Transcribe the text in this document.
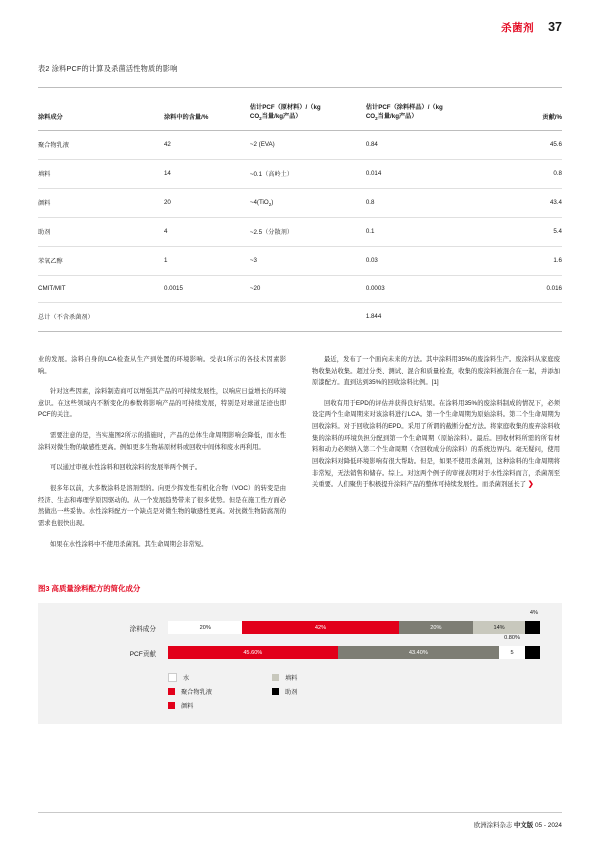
杀菌剂 37
表2 涂料PCF的计算及杀菌活性物质的影响
涂料成分	涂料中的含量/%	估计PCF（原材料）/（kg
$CO_2$当量/kg产品）	估计PCF（涂料样品）/（kg
$CO_2$当量/kg产品）	贡献/%
聚合物乳液	42	~2 (EVA)	0.84	45.6
填料	14	~0.1（高岭土）	0.014	0.8
颜料	20	~4(TiO$_2$)	0.8	43.4
助剂	4	~2.5（分散剂）	0.1	5.4
苯氧乙醇	1	~3	0.03	1.6
CMIT/MIT	0.0015	~20	0.0003	0.016
总计（不含杀菌剂）			1.844	

业的发展。涂料自身的LCA检查从生产到处置的环境影响。受表1所示的各技术因素影响。

针对这些因素，涂料制造商可以增强其产品的可持续发展性，以响应日益增长的环境意识。在这些领域内不断变化的参数将影响产品的可持续发展，特别是对球道足迹也即PCF的关注。

需要注意的是，当实施图2所示的措施时，产品的总体生命周期影响会降低，而水性涂料对微生物的敏感性更高。例如更多生物基原材料或回收中间体和废水再利用。

可以通过审视水性涂料和回收涂料的发展举两个例子。

很多年以前，大多数涂料是溶剂型的。向更少挥发性有机化合物（VOC）的转变是由经济、生态和毒理学原因驱动的。从一个发展趋势带来了很多优势。但是在施工性方面必然做出一些妥协。水性涂料配方一个缺点是对微生物的敏感性更高。对抗微生物防腐剂的需求也很快出现。

如果在水性涂料中不使用杀菌剂。其生命周期会非常短。

最近，发布了一个面向未来的方法。其中涂料用35%的废涂料生产。废涂料从家庭废物收集站收集。超过分类、测试、混合和质量检查，收集的废涂料被混合在一起，并添加原漆配方。直到达到35%的回收涂料比例。[1]

回收有用于EPD的评估并获得良好结果。在涂料用35%的废涂料制成的情况下，必须设定两个生命周期来对该涂料进行LCA。第一个生命周期为原始涂料。第二个生命周期为回收涂料。对于回收涂料的EPD。采用了所谓的截断分配方法。将家庭收集的废弃涂料收集的涂料的环境负担分配到第一个生命周期（原始涂料）。最后。回收材料所需的所有材料和动力必须纳入第二个生命周期（含回收成分的涂料）的系统边界内。毫无疑问，使用回收涂料对降低环境影响有很大帮助。但是，如果不使用杀菌剂，这种涂料的生命周期将非常短，无法销售和储存。综上。对这两个例子的审视表明对于水性涂料而言，杀菌剂至关重要。人们聚焦于积极提升涂料产品的整体可持续发展性。而杀菌剂延长了 ❯

图3 高质量涂料配方的简化成分
涂料成分
4%
20%	42%	20%	14%
PCF贡献
0.80%
45.60%	43.40%	5
水
聚合物乳液
颜料
填料
助剂
欧洲涂料杂志 中文版 05 - 2024
